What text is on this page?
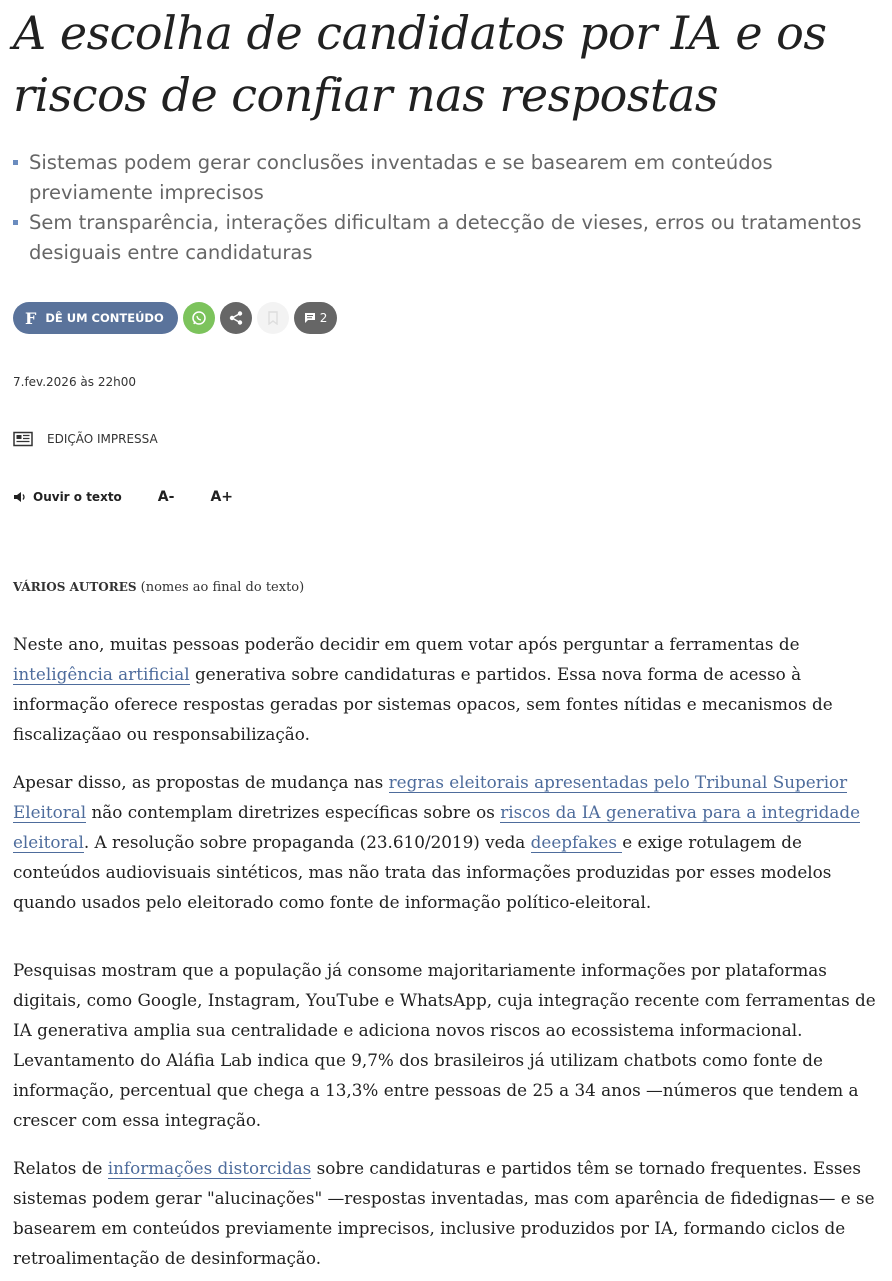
A escolha de candidatos por IA e os riscos de confiar nas respostas
Sistemas podem gerar conclusões inventadas e se basearem em conteúdos previamente imprecisos
Sem transparência, interações dificultam a detecção de vieses, erros ou tratamentos desiguais entre candidaturas
F DÊ UM CONTEÚDO	2
7.fev.2026 às 22h00
EDIÇÃO IMPRESSA
Ouvir o texto	A-	A+
VÁRIOS AUTORES (nomes ao final do texto)

Neste ano, muitas pessoas poderão decidir em quem votar após perguntar a ferramentas de inteligência artificial generativa sobre candidaturas e partidos. Essa nova forma de acesso à informação oferece respostas geradas por sistemas opacos, sem fontes nítidas e mecanismos de fiscalizaçãao ou responsabilização.

Apesar disso, as propostas de mudança nas regras eleitorais apresentadas pelo Tribunal Superior Eleitoral não contemplam diretrizes específicas sobre os riscos da IA generativa para a integridade eleitoral. A resolução sobre propaganda (23.610/2019) veda deepfakes e exige rotulagem de conteúdos audiovisuais sintéticos, mas não trata das informações produzidas por esses modelos quando usados pelo eleitorado como fonte de informação político-eleitoral.

Pesquisas mostram que a população já consome majoritariamente informações por plataformas digitais, como Google, Instagram, YouTube e WhatsApp, cuja integração recente com ferramentas de IA generativa amplia sua centralidade e adiciona novos riscos ao ecossistema informacional. Levantamento do Aláfia Lab indica que 9,7% dos brasileiros já utilizam chatbots como fonte de informação, percentual que chega a 13,3% entre pessoas de 25 a 34 anos —números que tendem a crescer com essa integração.

Relatos de informações distorcidas sobre candidaturas e partidos têm se tornado frequentes. Esses sistemas podem gerar "alucinações" —respostas inventadas, mas com aparência de fidedignas— e se basearem em conteúdos previamente imprecisos, inclusive produzidos por IA, formando ciclos de retroalimentação de desinformação.
